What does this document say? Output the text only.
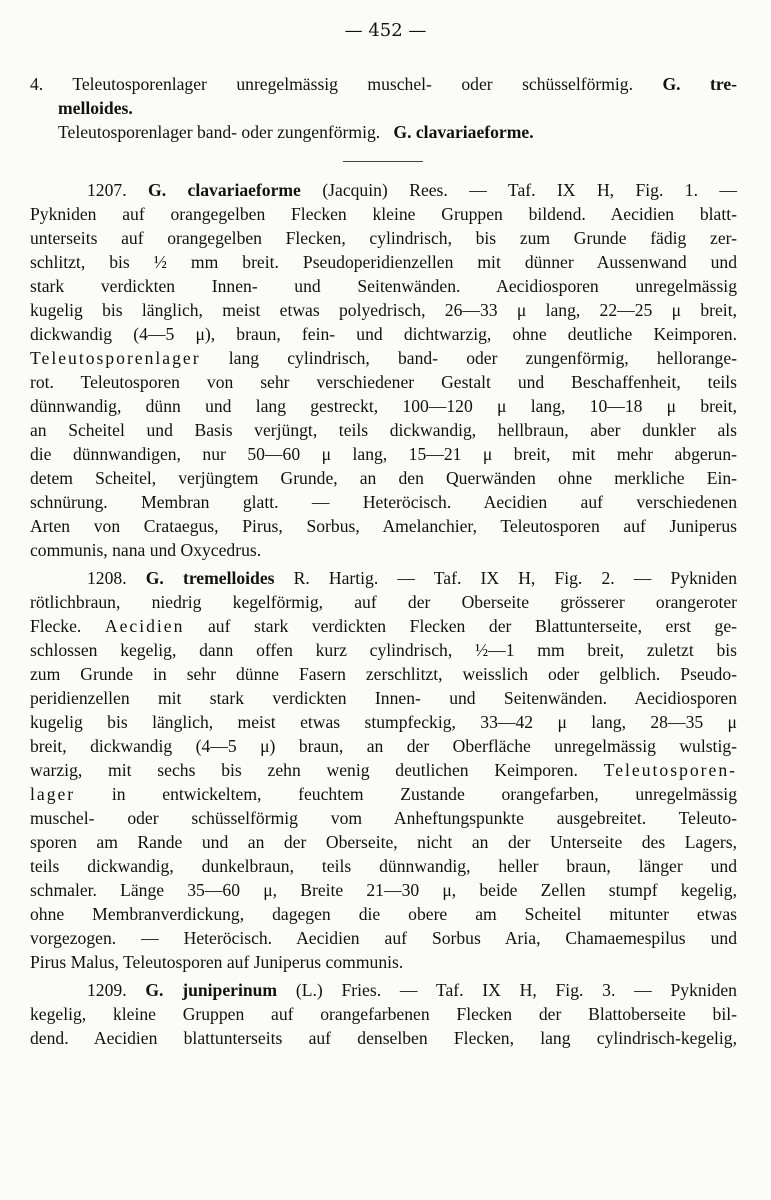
— 452 —
4. Teleutosporenlager unregelmässig muschel- oder schüsselförmig. G. tre-
melloides.
Teleutosporenlager band- oder zungenförmig. G. clavariaeforme.
1207. G. clavariaeforme (Jacquin) Rees. — Taf. IX H, Fig. 1. —
Pykniden auf orangegelben Flecken kleine Gruppen bildend. Aecidien blatt-
unterseits auf orangegelben Flecken, cylindrisch, bis zum Grunde fädig zer-
schlitzt, bis ½ mm breit. Pseudoperidienzellen mit dünner Aussenwand und
stark verdickten Innen- und Seitenwänden. Aecidiosporen unregelmässig
kugelig bis länglich, meist etwas polyedrisch, 26—33 μ lang, 22—25 μ breit,
dickwandig (4—5 μ), braun, fein- und dichtwarzig, ohne deutliche Keimporen.
Teleutosporenlager lang cylindrisch, band- oder zungenförmig, hellorange-
rot. Teleutosporen von sehr verschiedener Gestalt und Beschaffenheit, teils
dünnwandig, dünn und lang gestreckt, 100—120 μ lang, 10—18 μ breit,
an Scheitel und Basis verjüngt, teils dickwandig, hellbraun, aber dunkler als
die dünnwandigen, nur 50—60 μ lang, 15—21 μ breit, mit mehr abgerun-
detem Scheitel, verjüngtem Grunde, an den Querwänden ohne merkliche Ein-
schnürung. Membran glatt. — Heteröcisch. Aecidien auf verschiedenen
Arten von Crataegus, Pirus, Sorbus, Amelanchier, Teleutosporen auf Juniperus
communis, nana und Oxycedrus.
1208. G. tremelloides R. Hartig. — Taf. IX H, Fig. 2. — Pykniden
rötlichbraun, niedrig kegelförmig, auf der Oberseite grösserer orangeroter
Flecke. Aecidien auf stark verdickten Flecken der Blattunterseite, erst ge-
schlossen kegelig, dann offen kurz cylindrisch, ½—1 mm breit, zuletzt bis
zum Grunde in sehr dünne Fasern zerschlitzt, weisslich oder gelblich. Pseudo-
peridienzellen mit stark verdickten Innen- und Seitenwänden. Aecidiosporen
kugelig bis länglich, meist etwas stumpfeckig, 33—42 μ lang, 28—35 μ
breit, dickwandig (4—5 μ) braun, an der Oberfläche unregelmässig wulstig-
warzig, mit sechs bis zehn wenig deutlichen Keimporen. Teleutosporen-
lager in entwickeltem, feuchtem Zustande orangefarben, unregelmässig
muschel- oder schüsselförmig vom Anheftungspunkte ausgebreitet. Teleuto-
sporen am Rande und an der Oberseite, nicht an der Unterseite des Lagers,
teils dickwandig, dunkelbraun, teils dünnwandig, heller braun, länger und
schmaler. Länge 35—60 μ, Breite 21—30 μ, beide Zellen stumpf kegelig,
ohne Membranverdickung, dagegen die obere am Scheitel mitunter etwas
vorgezogen. — Heteröcisch. Aecidien auf Sorbus Aria, Chamaemespilus und
Pirus Malus, Teleutosporen auf Juniperus communis.
1209. G. juniperinum (L.) Fries. — Taf. IX H, Fig. 3. — Pykniden
kegelig, kleine Gruppen auf orangefarbenen Flecken der Blattoberseite bil-
dend. Aecidien blattunterseits auf denselben Flecken, lang cylindrisch-kegelig,
